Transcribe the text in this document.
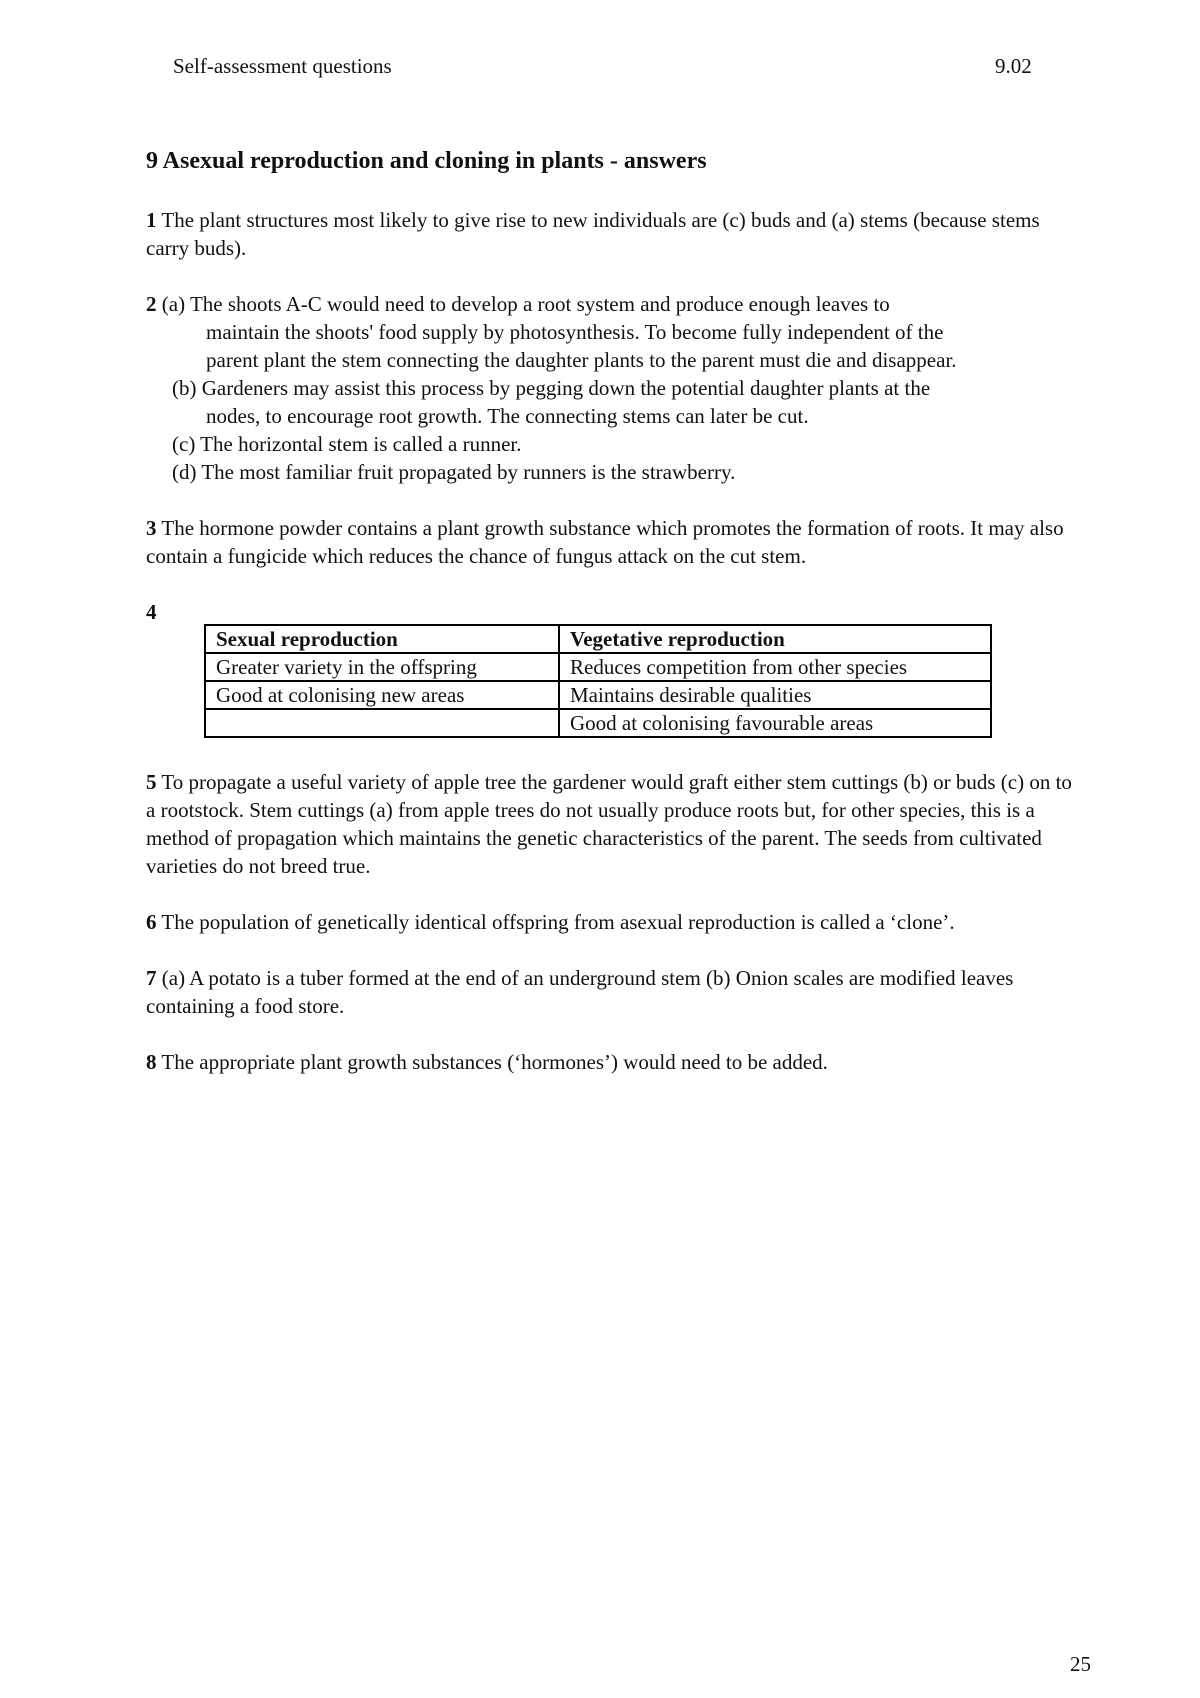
Self-assessment questions	9.02
9 Asexual reproduction and cloning in plants - answers

1 The plant structures most likely to give rise to new individuals are (c) buds and (a) stems (because stems carry buds).

2 (a) The shoots A-C would need to develop a root system and produce enough leaves to

maintain the shoots' food supply by photosynthesis. To become fully independent of the

parent plant the stem connecting the daughter plants to the parent must die and disappear.

(b) Gardeners may assist this process by pegging down the potential daughter plants at the

nodes, to encourage root growth. The connecting stems can later be cut.

(c) The horizontal stem is called a runner.

(d) The most familiar fruit propagated by runners is the strawberry.

3 The hormone powder contains a plant growth substance which promotes the formation of roots. It may also contain a fungicide which reduces the chance of fungus attack on the cut stem.

4

Sexual reproduction	Vegetative reproduction
Greater variety in the offspring	Reduces competition from other species
Good at colonising new areas	Maintains desirable qualities
	Good at colonising favourable areas

5 To propagate a useful variety of apple tree the gardener would graft either stem cuttings (b) or buds (c) on to a rootstock. Stem cuttings (a) from apple trees do not usually produce roots but, for other species, this is a method of propagation which maintains the genetic characteristics of the parent. The seeds from cultivated varieties do not breed true.

6 The population of genetically identical offspring from asexual reproduction is called a ‘clone’.

7 (a) A potato is a tuber formed at the end of an underground stem (b) Onion scales are modified leaves containing a food store.

8 The appropriate plant growth substances (‘hormones’) would need to be added.

25
